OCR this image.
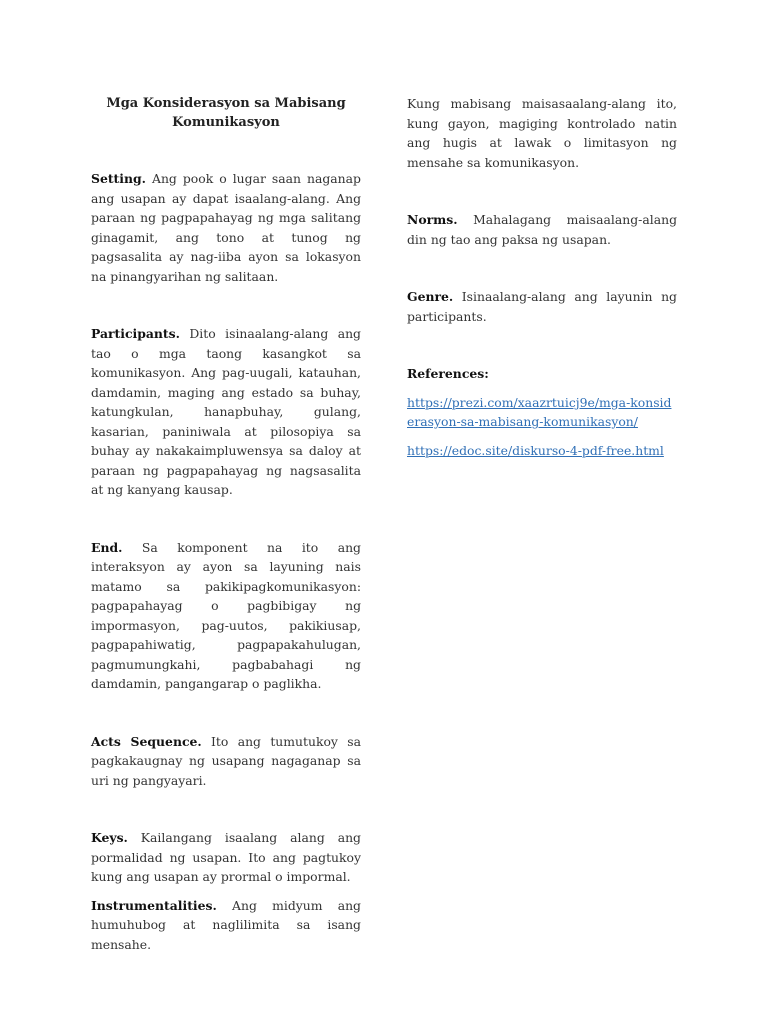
Mga Konsiderasyon sa Mabisang Komunikasyon

Setting. Ang pook o lugar saan naganap ang usapan ay dapat isaalang-alang. Ang paraan ng pagpapahayag ng mga salitang ginagamit, ang tono at tunog ng pagsasalita ay nag-iiba ayon sa lokasyon na pinangyarihan ng salitaan.

Participants. Dito isinaalang-alang ang tao o mga taong kasangkot sa komunikasyon. Ang pag-uugali, katauhan, damdamin, maging ang estado sa buhay, katungkulan, hanapbuhay, gulang, kasarian, paniniwala at pilosopiya sa buhay ay nakakaimpluwensya sa daloy at paraan ng pagpapahayag ng nagsasalita at ng kanyang kausap.

End. Sa komponent na ito ang interaksyon ay ayon sa layuning nais matamo sa pakikipagkomunikasyon: pagpapahayag o pagbibigay ng impormasyon, pag-uutos, pakikiusap, pagpapahiwatig, pagpapakahulugan, pagmumungkahi, pagbabahagi ng damdamin, pangangarap o paglikha.

Acts Sequence. Ito ang tumutukoy sa pagkakaugnay ng usapang nagaganap sa uri ng pangyayari.

Keys. Kailangang isaalang alang ang pormalidad ng usapan. Ito ang pagtukoy kung ang usapan ay prormal o impormal.

Instrumentalities. Ang midyum ang humuhubog at naglilimita sa isang mensahe.

Kung mabisang maisasaalang-alang ito, kung gayon, magiging kontrolado natin ang hugis at lawak o limitasyon ng mensahe sa komunikasyon.

Norms. Mahalagang maisaalang-alang din ng tao ang paksa ng usapan.

Genre. Isinaalang-alang ang layunin ng participants.

References:

https://prezi.com/xaazrtuicj9e/mga-konsiderasyon-sa-mabisang-komunikasyon/
https://edoc.site/diskurso-4-pdf-free.html
